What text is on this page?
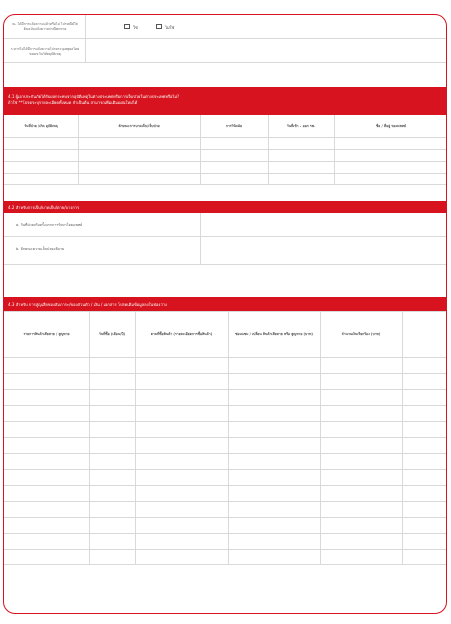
ณ. ได้มีการแจ้งความแล้วหรือไม่ ไปรษณีย์ใส่ต้นฉบับแจ้งความกรณีตกหาย	ใช่	ไม่ใช่
ร.หากไม่ได้มีการแจ้งความโปรดระบุเหตุผลโดยขอยกเว้นวิสัยยุบัติเหตุ
4.1 ผู้เอาประกันภัยได้รับผลกระทบจากอุบัติเหตุในต่างประเทศหรือการเจ็บป่วยในต่างประเทศหรือไม่?
ถ้าใช่ **โปรดระบุรายละเอียดทั้งหมด จำเป็นต้น สามารถเพิ่มเติมแผ่นใหม่ได้
วันที่ป่วย /เกิด อุบัติเหตุ	ลักษณะการบาดเจ็บ/เจ็บป่วย	การวินิจฉัย	วันที่เข้า – ออก รพ.	ชื่อ / ที่อยู่ ของแพทย์
4.2 สำหรับการเจ็บ/บาดเจ็บ/ตาย/บางการ
a. วันที่ป่วยจริงครั้งแรกการรักษาโดยแพทย์
b. ลักษณะความเจ็บป่วยอธิบาย
4.3 สำหรับ การสูญเสียของสัมภาระ/ของส่วนตัว / เงิน / เอกสาร โปรดเติมข้อมูลลงในช่องว่าง
รายการสินค้าเสียหาย / สูญหาย	วันที่ซื้อ (เดือน/ปี)	ตามที่ซื้อสินค้า (รายละเอียดการซื้อสินค้า)	ซ่อมแซม / เปลี่ยน สินค้าเสียหาย หรือ สูญหาย (บาท)	จำนวนเงินเรียกร้อง (บาท)
